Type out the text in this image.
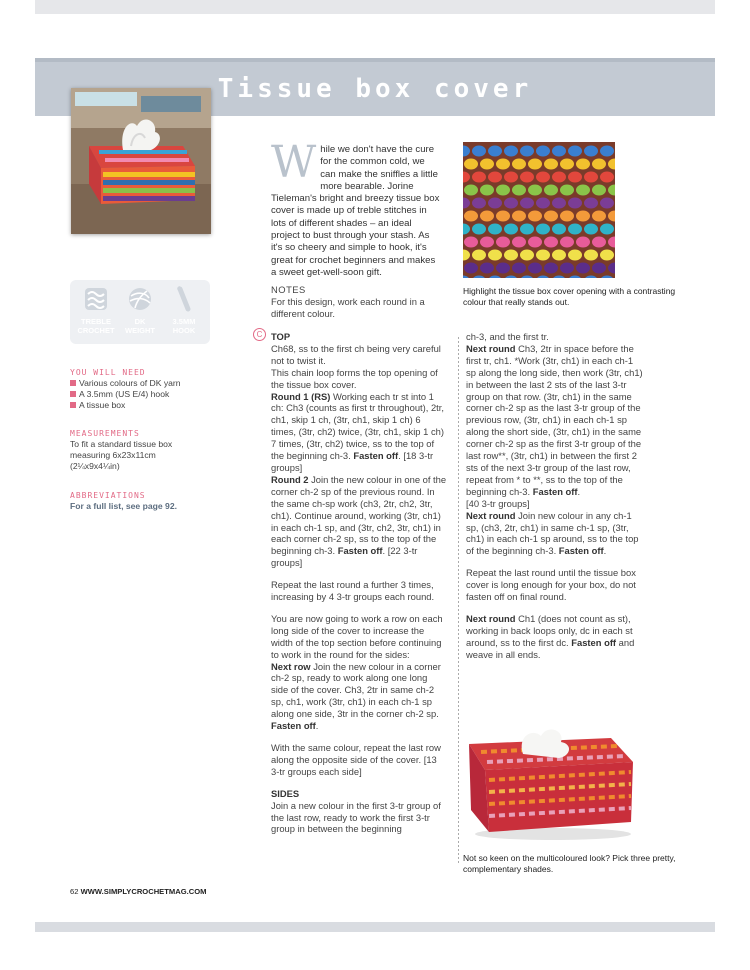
Tissue box cover
TREBLE
CROCHET
DK
WEIGHT
3.5MM
HOOK
YOU WILL NEED
Various colours of DK yarn
A 3.5mm (US E/4) hook
A tissue box
MEASUREMENTS
To fit a standard tissue box
measuring 6x23x11cm
(2¼x9x4¼in)
ABBREVIATIONS
For a full list, see page 92.
While we don't have the cure for the common cold, we can make the sniffles a little more bearable. Jorine Tieleman's bright and breezy tissue box cover is made up of treble stitches in lots of different shades – an ideal project to bust through your stash. As it's so cheery and simple to hook, it's great for crochet beginners and makes a sweet get-well-soon gift.

NOTES

For this design, work each round in a different colour.

C
Highlight the tissue box cover opening with a contrasting colour that really stands out.

TOP

Ch68, ss to the first ch being very careful not to twist it.

This chain loop forms the top opening of the tissue box cover.

Round 1 (RS) Working each tr st into 1 ch: Ch3 (counts as first tr throughout), 2tr, ch1, skip 1 ch, (3tr, ch1, skip 1 ch) 6 times, (3tr, ch2) twice, (3tr, ch1, skip 1 ch) 7 times, (3tr, ch2) twice, ss to the top of the beginning ch-3. Fasten off. [18 3-tr groups]

Round 2 Join the new colour in one of the corner ch-2 sp of the previous round. In the same ch-sp work (ch3, 2tr, ch2, 3tr, ch1). Continue around, working (3tr, ch1) in each ch-1 sp, and (3tr, ch2, 3tr, ch1) in each corner ch-2 sp, ss to the top of the beginning ch-3. Fasten off. [22 3-tr groups]

Repeat the last round a further 3 times, increasing by 4 3-tr groups each round.

You are now going to work a row on each long side of the cover to increase the width of the top section before continuing to work in the round for the sides:

Next row Join the new colour in a corner ch-2 sp, ready to work along one long side of the cover. Ch3, 2tr in same ch-2 sp, ch1, work (3tr, ch1) in each ch-1 sp along one side, 3tr in the corner ch-2 sp. Fasten off.

With the same colour, repeat the last row along the opposite side of the cover. [13 3-tr groups each side]

SIDES

Join a new colour in the first 3-tr group of the last row, ready to work the first 3-tr group in between the beginning

ch-3, and the first tr.

Next round Ch3, 2tr in space before the first tr, ch1. *Work (3tr, ch1) in each ch-1 sp along the long side, then work (3tr, ch1) in between the last 2 sts of the last 3-tr group on that row. (3tr, ch1) in the same corner ch-2 sp as the last 3-tr group of the previous row, (3tr, ch1) in each ch-1 sp along the short side, (3tr, ch1) in the same corner ch-2 sp as the first 3-tr group of the last row**, (3tr, ch1) in between the first 2 sts of the next 3-tr group of the last row, repeat from * to **, ss to the top of the beginning ch-3. Fasten off.

[40 3-tr groups]

Next round Join new colour in any ch-1 sp, (ch3, 2tr, ch1) in same ch-1 sp, (3tr, ch1) in each ch-1 sp around, ss to the top of the beginning ch-3. Fasten off.

Repeat the last round until the tissue box cover is long enough for your box, do not fasten off on final round.

Next round Ch1 (does not count as st), working in back loops only, dc in each st around, ss to the first dc. Fasten off and weave in all ends.

Not so keen on the multicoloured look? Pick three pretty, complementary shades.
62 WWW.SIMPLYCROCHETMAG.COM
